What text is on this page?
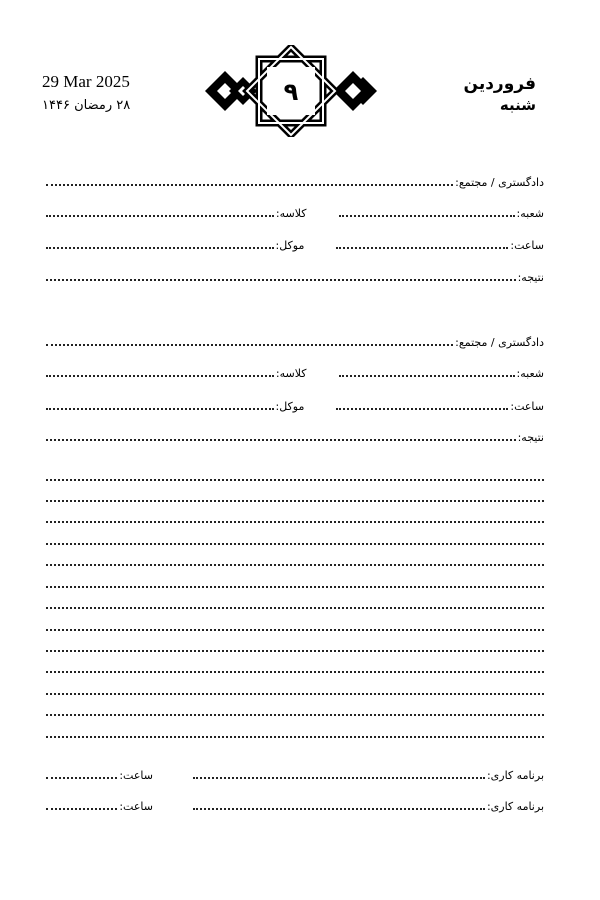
29 Mar 2025
۲۸ رمضان ۱۴۴۶
فروردین
شنبه
۹
دادگستری / مجتمع:
شعبه:
کلاسه:
ساعت:
موکل:
نتیجه:
دادگستری / مجتمع:
شعبه:
کلاسه:
ساعت:
موکل:
نتیجه:
برنامه کاری:
ساعت:
برنامه کاری:
ساعت:
